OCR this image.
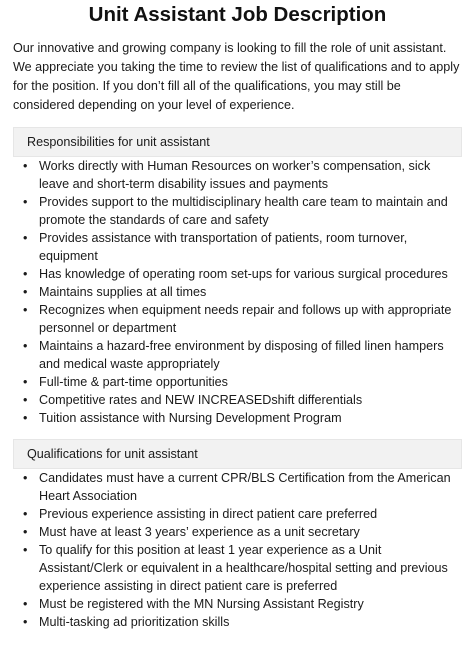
Unit Assistant Job Description

Our innovative and growing company is looking to fill the role of unit assistant. We appreciate you taking the time to review the list of qualifications and to apply for the position. If you don’t fill all of the qualifications, you may still be considered depending on your level of experience.

Responsibilities for unit assistant
• Works directly with Human Resources on worker’s compensation, sick leave and short-term disability issues and payments
• Provides support to the multidisciplinary health care team to maintain and promote the standards of care and safety
• Provides assistance with transportation of patients, room turnover, equipment
• Has knowledge of operating room set-ups for various surgical procedures
• Maintains supplies at all times
• Recognizes when equipment needs repair and follows up with appropriate personnel or department
• Maintains a hazard-free environment by disposing of filled linen hampers and medical waste appropriately
• Full-time & part-time opportunities
• Competitive rates and NEW INCREASEDshift differentials
• Tuition assistance with Nursing Development Program
Qualifications for unit assistant
• Candidates must have a current CPR/BLS Certification from the American Heart Association
• Previous experience assisting in direct patient care preferred
• Must have at least 3 years’ experience as a unit secretary
• To qualify for this position at least 1 year experience as a Unit Assistant/Clerk or equivalent in a healthcare/hospital setting and previous experience assisting in direct patient care is preferred
• Must be registered with the MN Nursing Assistant Registry
• Multi-tasking ad prioritization skills
